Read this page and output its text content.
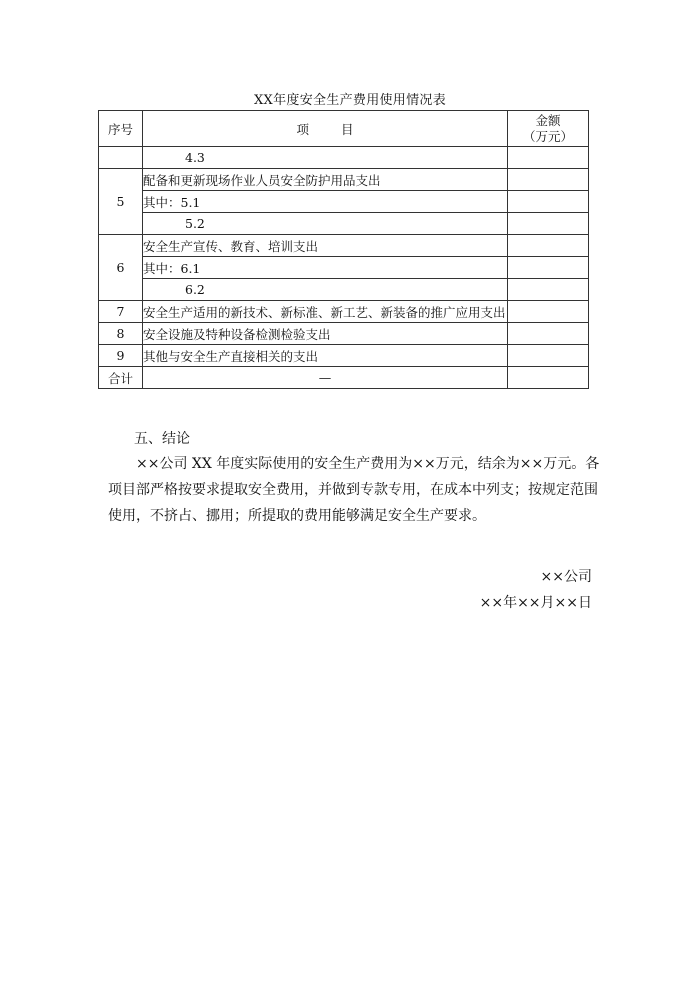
XX年度安全生产费用使用情况表
序号	项 目	金额
（万元）

	4.3	
5	配备和更新现场作业人员安全防护用品支出	
	其中：5.1	
	5.2	
6	安全生产宣传、教育、培训支出	
	其中：6.1	
	6.2	
7	安全生产适用的新技术、新标准、新工艺、新装备的推广应用支出	
8	安全设施及特种设备检测检验支出	
9	其他与安全生产直接相关的支出	
合计	—	
五、结论
××公司 XX 年度实际使用的安全生产费用为××万元，结余为××万元。各
项目部严格按要求提取安全费用，并做到专款专用，在成本中列支；按规定范围
使用，不挤占、挪用；所提取的费用能够满足安全生产要求。
××公司
××年××月××日
